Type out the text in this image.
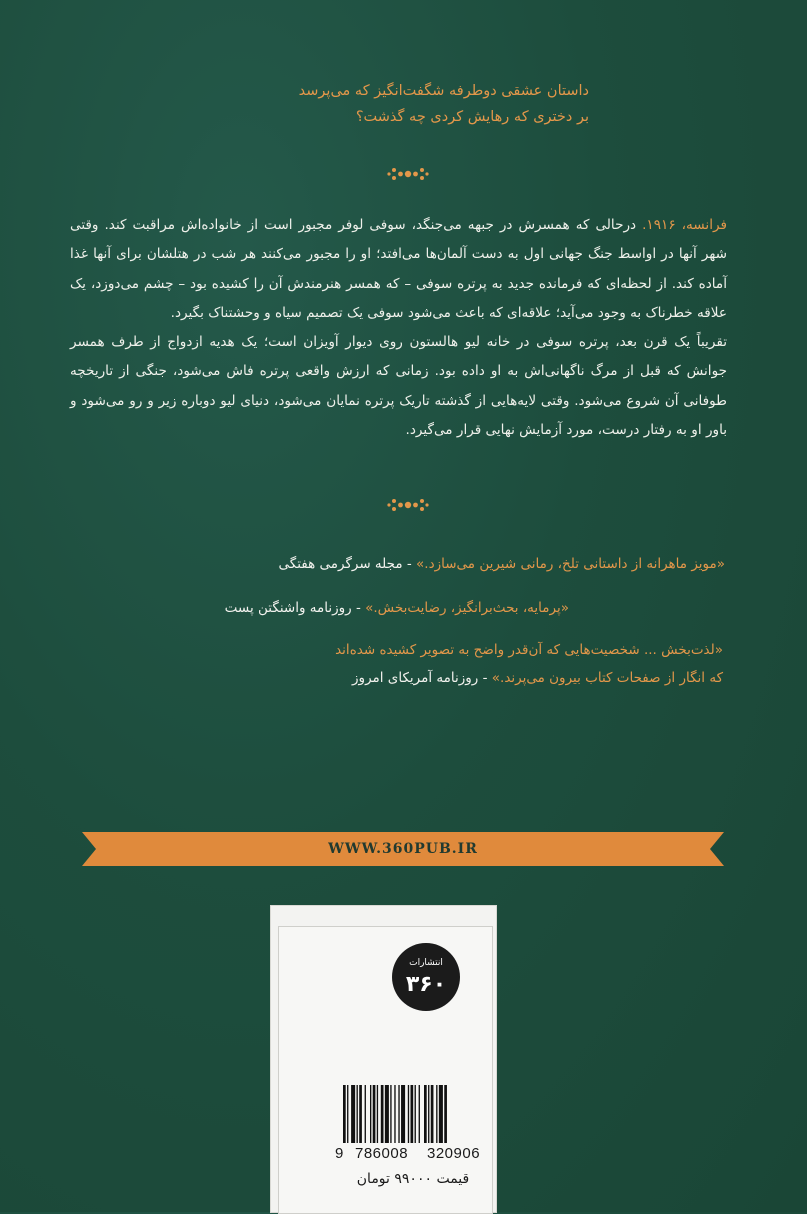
داستان عشقی دوطرفه شگفت‌انگیز که می‌پرسد
بر دختری که رهایش کردی چه گذشت؟

فرانسه، ۱۹۱۶. درحالی که همسرش در جبهه می‌جنگد، سوفی لوفر مجبور است از خانواده‌اش مراقبت کند. وقتی شهر آنها در اواسط جنگ جهانی اول به دست آلمان‌ها می‌افتد؛ او را مجبور می‌کنند هر شب در هتلشان برای آنها غذا آماده کند. از لحظه‌ای که فرمانده جدید به پرتره سوفی – که همسر هنرمندش آن را کشیده بود – چشم می‌دوزد، یک علاقه خطرناک به وجود می‌آید؛ علاقه‌ای که باعث می‌شود سوفی یک تصمیم سیاه و وحشتناک بگیرد.

تقریباً یک قرن بعد، پرتره سوفی در خانه لیو هالستون روی دیوار آویزان است؛ یک هدیه ازدواج از طرف همسر جوانش که قبل از مرگ ناگهانی‌اش به او داده بود. زمانی که ارزش واقعی پرتره فاش می‌شود، جنگی از تاریخچه طوفانی آن شروع می‌شود. وقتی لایه‌هایی از گذشته تاریک پرتره نمایان می‌شود، دنیای لیو دوباره زیر و رو می‌شود و باور او به رفتار درست، مورد آزمایش نهایی قرار می‌گیرد.

«مویز ماهرانه از داستانی تلخ، رمانی شیرین می‌سازد.» - مجله سرگرمی هفتگی
«پرمایه، بحث‌برانگیز، رضایت‌بخش.» - روزنامه واشنگتن پست
«لذت‌بخش ... شخصیت‌هایی که آن‌قدر واضح به تصویر کشیده شده‌اند
که انگار از صفحات کتاب بیرون می‌پرند.» - روزنامه آمریکای امروز
WWW.360PUB.IR
انتشارات
۳۶۰
9 786008 320906
قیمت ۹۹۰۰۰ تومان
